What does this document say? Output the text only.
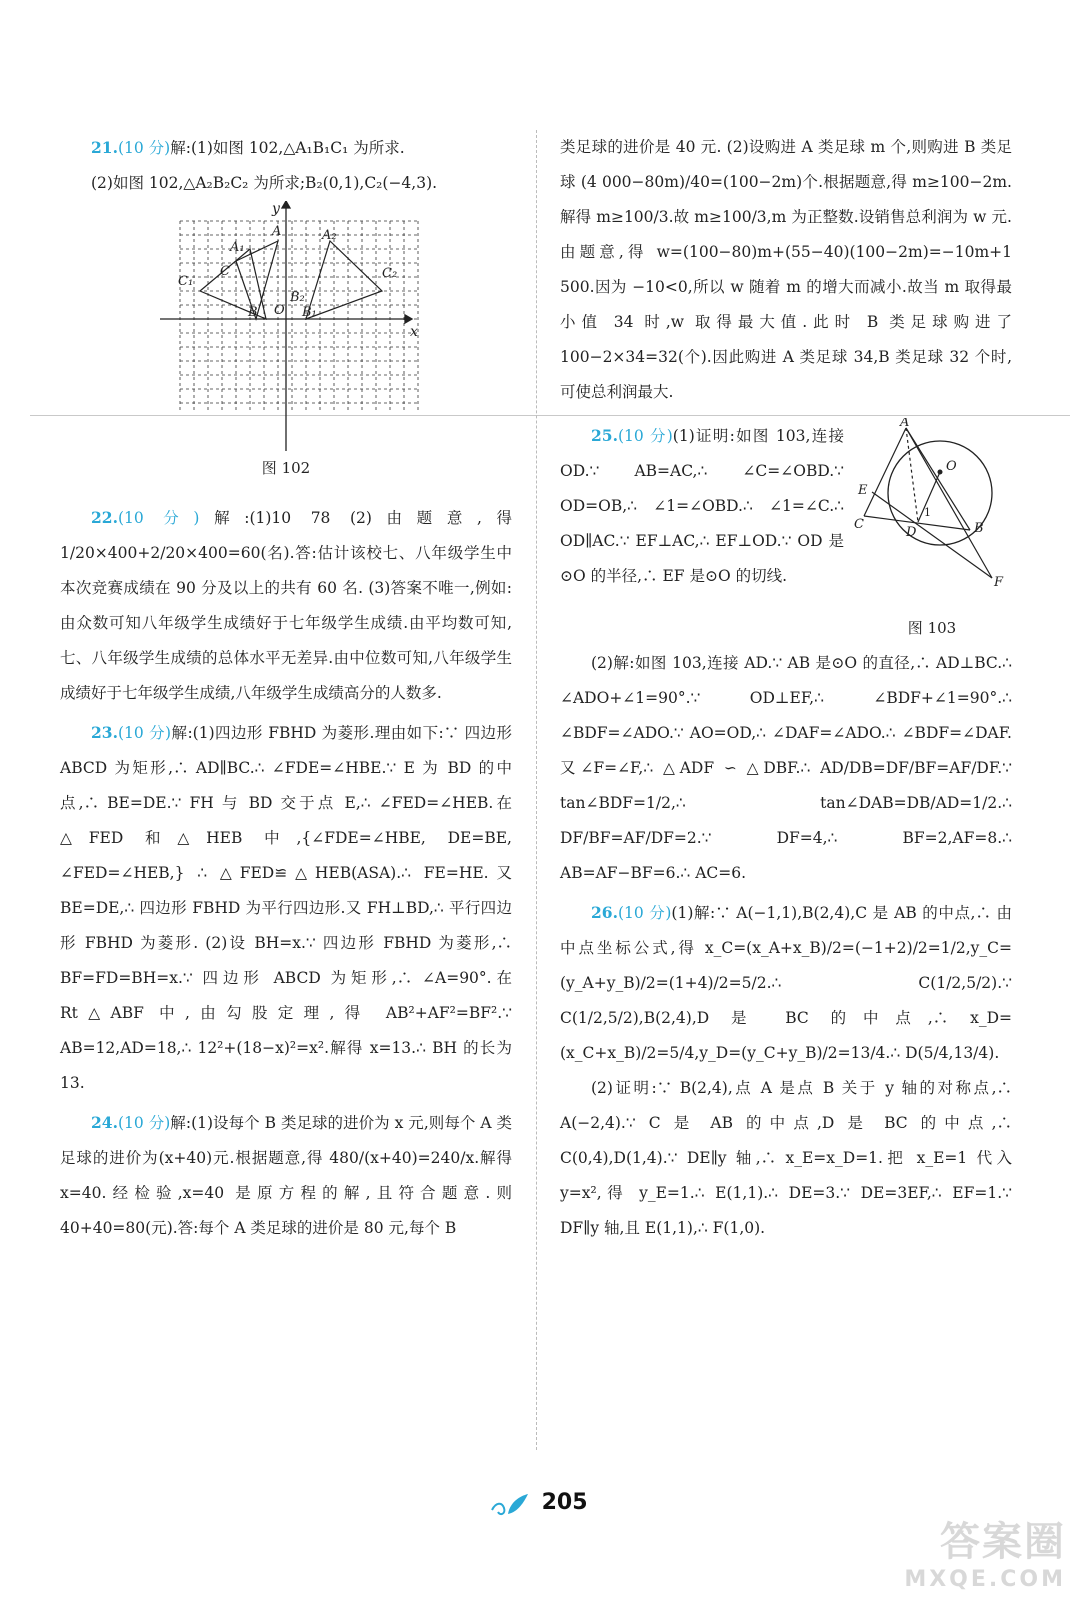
21.(10 分)解:(1)如图 102,△A₁B₁C₁ 为所求.

(2)如图 102,△A₂B₂C₂ 为所求;B₂(0,1),C₂(−4,3).

x
y
O
A
A₁
A₂
B	B₁
B₂
C
C₁
C₂

图 102

22.(10 分)解:(1)10 78 (2)由题意,得1/20×400+2/20×400=60(名).答:估计该校七、八年级学生中本次竞赛成绩在 90 分及以上的共有 60 名. (3)答案不唯一,例如:由众数可知八年级学生成绩好于七年级学生成绩.由平均数可知,七、八年级学生成绩的总体水平无差异.由中位数可知,八年级学生成绩好于七年级学生成绩,八年级学生成绩高分的人数多.

23.(10 分)解:(1)四边形 FBHD 为菱形.理由如下:∵ 四边形 ABCD 为矩形,∴ AD∥BC.∴ ∠FDE=∠HBE.∵ E 为 BD 的中点,∴ BE=DE.∵ FH 与 BD 交于点 E,∴ ∠FED=∠HEB.在△FED 和△HEB 中,{∠FDE=∠HBE, DE=BE, ∠FED=∠HEB,} ∴ △FED≌△HEB(ASA).∴ FE=HE.又 BE=DE,∴ 四边形 FBHD 为平行四边形.又 FH⊥BD,∴ 平行四边形 FBHD 为菱形. (2)设 BH=x.∵ 四边形 FBHD 为菱形,∴ BF=FD=BH=x.∵ 四边形 ABCD 为矩形,∴ ∠A=90°.在 Rt△ABF 中,由勾股定理,得 AB²+AF²=BF².∵ AB=12,AD=18,∴ 12²+(18−x)²=x².解得 x=13.∴ BH 的长为 13.

24.(10 分)解:(1)设每个 B 类足球的进价为 x 元,则每个 A 类足球的进价为(x+40)元.根据题意,得 480/(x+40)=240/x.解得 x=40.经检验,x=40 是原方程的解,且符合题意.则 40+40=80(元).答:每个 A 类足球的进价是 80 元,每个 B

类足球的进价是 40 元. (2)设购进 A 类足球 m 个,则购进 B 类足球 (4 000−80m)/40=(100−2m)个.根据题意,得 m≥100−2m.解得 m≥100/3.故 m≥100/3,m 为正整数.设销售总利润为 w 元.由题意,得 w=(100−80)m+(55−40)(100−2m)=−10m+1 500.因为 −10<0,所以 w 随着 m 的增大而减小.故当 m 取得最小值 34 时,w 取得最大值.此时 B 类足球购进了 100−2×34=32(个).因此购进 A 类足球 34,B 类足球 32 个时,可使总利润最大.

A
O
E
1
C
D	B
F
图 103

25.(10 分)(1)证明:如图 103,连接 OD.∵ AB=AC,∴ ∠C=∠OBD.∵ OD=OB,∴ ∠1=∠OBD.∴ ∠1=∠C.∴ OD∥AC.∵ EF⊥AC,∴ EF⊥OD.∵ OD 是⊙O 的半径,∴ EF 是⊙O 的切线.

(2)解:如图 103,连接 AD.∵ AB 是⊙O 的直径,∴ AD⊥BC.∴ ∠ADO+∠1=90°.∵ OD⊥EF,∴ ∠BDF+∠1=90°.∴ ∠BDF=∠ADO.∵ AO=OD,∴ ∠DAF=∠ADO.∴ ∠BDF=∠DAF.又∠F=∠F,∴ △ADF ∽ △DBF.∴ AD/DB=DF/BF=AF/DF.∵ tan∠BDF=1/2,∴ tan∠DAB=DB/AD=1/2.∴ DF/BF=AF/DF=2.∵ DF=4,∴ BF=2,AF=8.∴ AB=AF−BF=6.∴ AC=6.

26.(10 分)(1)解:∵ A(−1,1),B(2,4),C 是 AB 的中点,∴ 由中点坐标公式,得 x_C=(x_A+x_B)/2=(−1+2)/2=1/2,y_C=(y_A+y_B)/2=(1+4)/2=5/2.∴ C(1/2,5/2).∵ C(1/2,5/2),B(2,4),D 是 BC 的中点,∴ x_D=(x_C+x_B)/2=5/4,y_D=(y_C+y_B)/2=13/4.∴ D(5/4,13/4).

(2)证明:∵ B(2,4),点 A 是点 B 关于 y 轴的对称点,∴ A(−2,4).∵ C 是 AB 的中点,D 是 BC 的中点,∴ C(0,4),D(1,4).∵ DE∥y 轴,∴ x_E=x_D=1.把 x_E=1 代入 y=x²,得 y_E=1.∴ E(1,1).∴ DE=3.∵ DE=3EF,∴ EF=1.∵ DF∥y 轴,且 E(1,1),∴ F(1,0).

205
答案圈
MXQE.COM
